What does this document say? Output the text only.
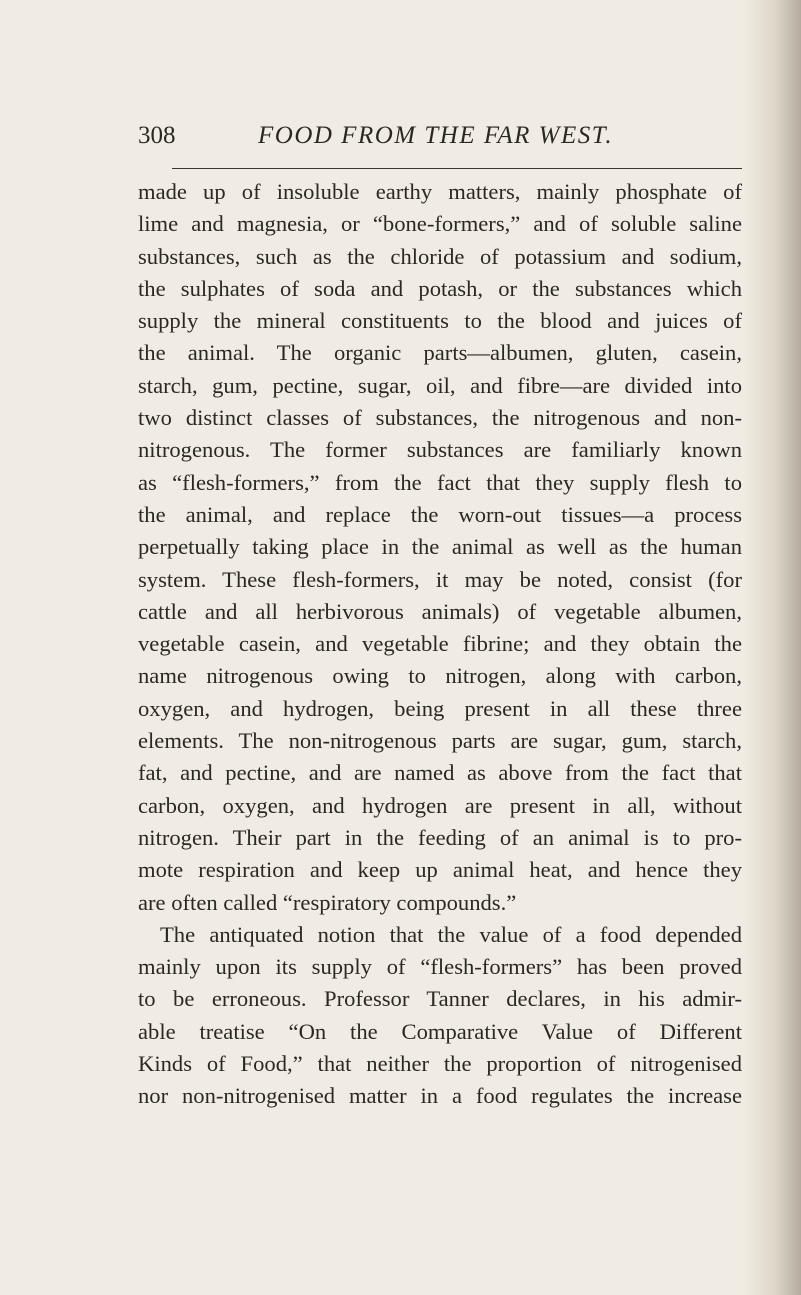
308	FOOD FROM THE FAR WEST.

made up of insoluble earthy matters, mainly phosphate of

lime and magnesia, or “bone-formers,” and of soluble saline

substances, such as the chloride of potassium and sodium,

the sulphates of soda and potash, or the substances which

supply the mineral constituents to the blood and juices of

the animal. The organic parts—albumen, gluten, casein,

starch, gum, pectine, sugar, oil, and fibre—are divided into

two distinct classes of substances, the nitrogenous and non-

nitrogenous. The former substances are familiarly known

as “flesh-formers,” from the fact that they supply flesh to

the animal, and replace the worn-out tissues—a process

perpetually taking place in the animal as well as the human

system. These flesh-formers, it may be noted, consist (for

cattle and all herbivorous animals) of vegetable albumen,

vegetable casein, and vegetable fibrine; and they obtain the

name nitrogenous owing to nitrogen, along with carbon,

oxygen, and hydrogen, being present in all these three

elements. The non-nitrogenous parts are sugar, gum, starch,

fat, and pectine, and are named as above from the fact that

carbon, oxygen, and hydrogen are present in all, without

nitrogen. Their part in the feeding of an animal is to pro-

mote respiration and keep up animal heat, and hence they

are often called “respiratory compounds.”

The antiquated notion that the value of a food depended

mainly upon its supply of “flesh-formers” has been proved

to be erroneous. Professor Tanner declares, in his admir-

able treatise “On the Comparative Value of Different

Kinds of Food,” that neither the proportion of nitrogenised

nor non-nitrogenised matter in a food regulates the increase
